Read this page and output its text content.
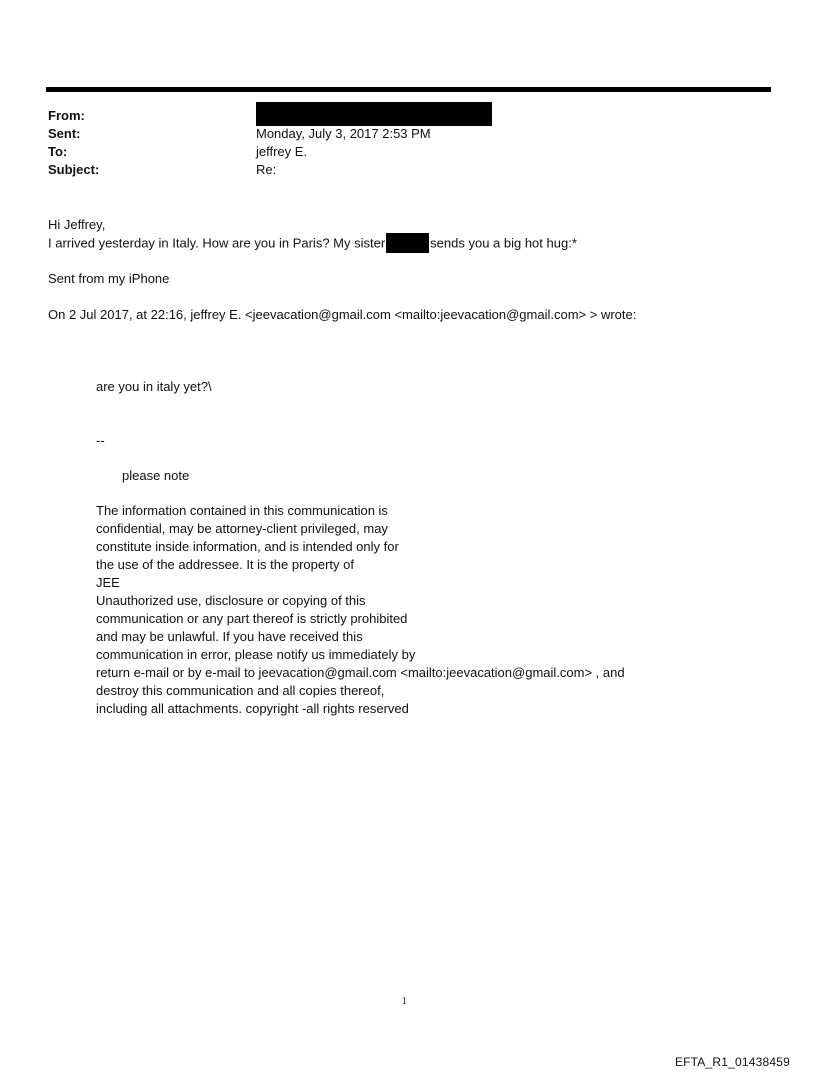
From:
Sent:	Monday, July 3, 2017 2:53 PM
To:	jeffrey E.
Subject:	Re:
Hi Jeffrey,
I arrived yesterday in Italy. How are you in Paris? My sister	sends you a big hot hug:*
Sent from my iPhone
On 2 Jul 2017, at 22:16, jeffrey E. <jeevacation@gmail.com <mailto:jeevacation@gmail.com> > wrote:
are you in italy yet?\
--
please note
The information contained in this communication is
confidential, may be attorney-client privileged, may
constitute inside information, and is intended only for
the use of the addressee. It is the property of
JEE
Unauthorized use, disclosure or copying of this
communication or any part thereof is strictly prohibited
and may be unlawful. If you have received this
communication in error, please notify us immediately by
return e-mail or by e-mail to jeevacation@gmail.com <mailto:jeevacation@gmail.com> , and
destroy this communication and all copies thereof,
including all attachments. copyright -all rights reserved
1
EFTA_R1_01438459
